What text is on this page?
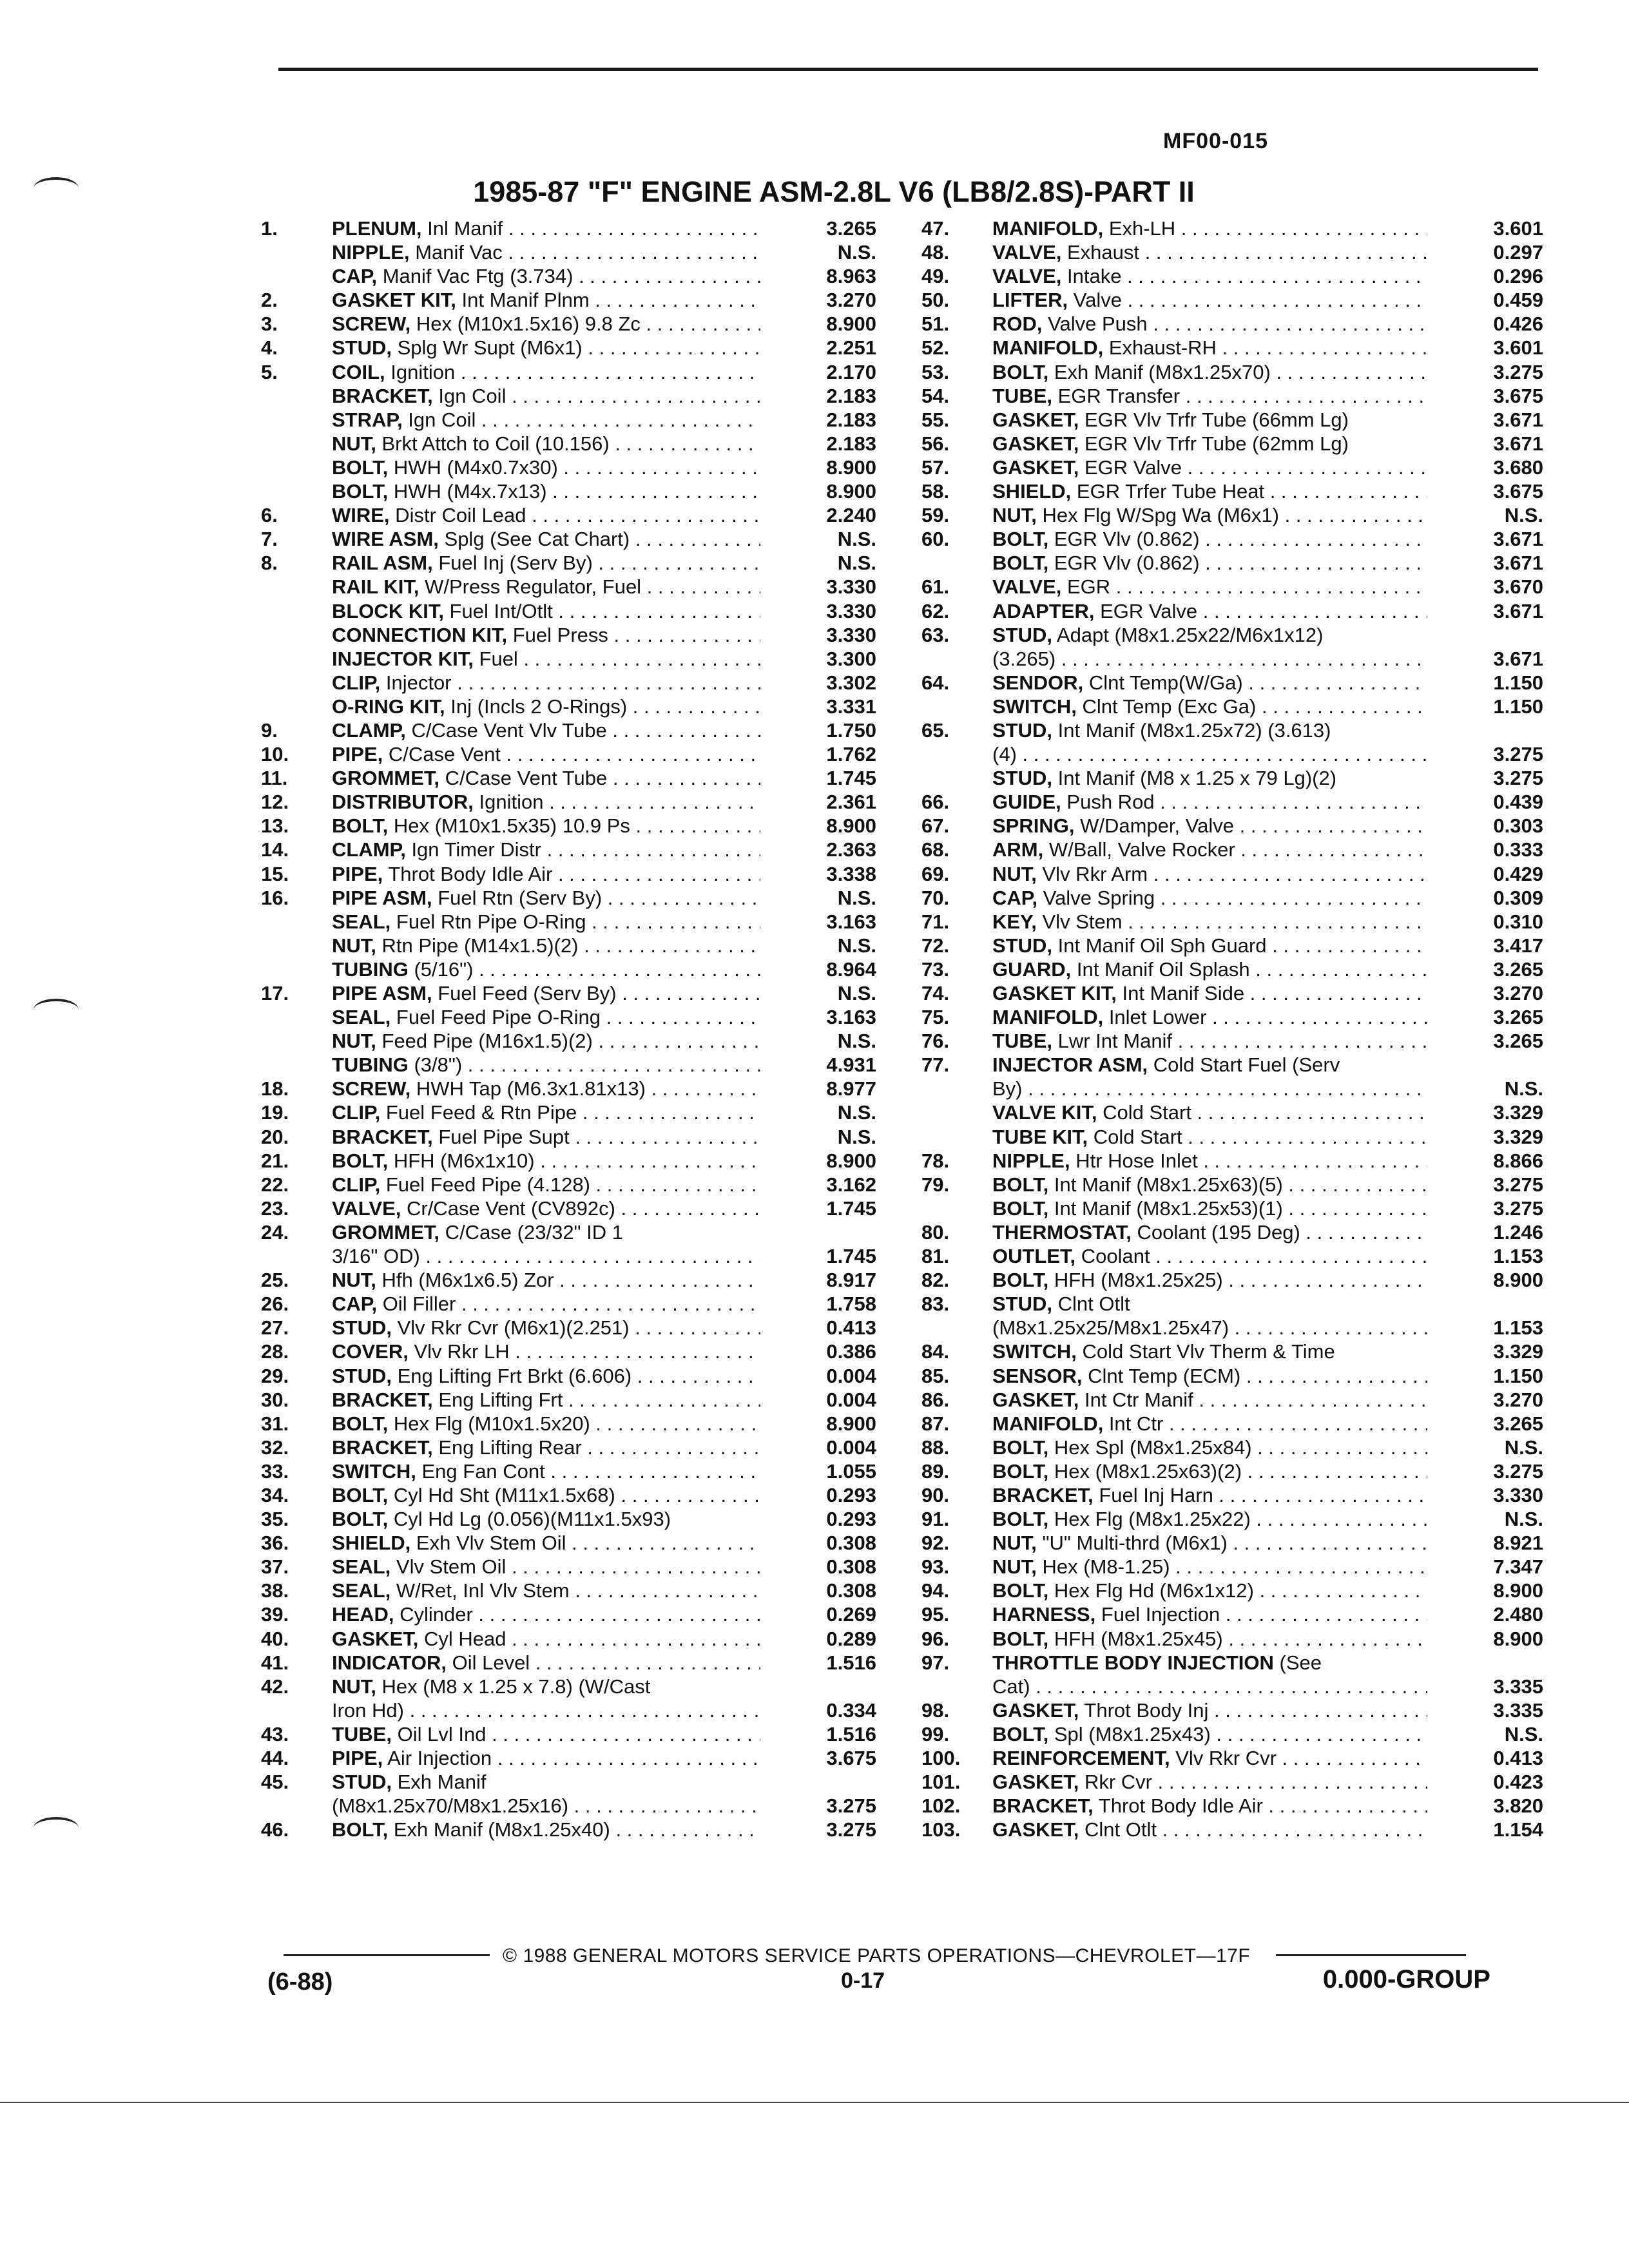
MF00-015
1985-87 "F" ENGINE ASM-2.8L V6 (LB8/2.8S)-PART II
1.	PLENUM, Inl Manif . . .	3.265
NIPPLE, Manif Vac . . .	N.S.
CAP, Manif Vac Ftg (3.734) . . .	8.963
2.	GASKET KIT, Int Manif Plnm . . .	3.270
3.	SCREW, Hex (M10x1.5x16) 9.8 Zc . . .	8.900
4.	STUD, Splg Wr Supt (M6x1) . . .	2.251
5.	COIL, Ignition . . .	2.170
BRACKET, Ign Coil . . .	2.183
STRAP, Ign Coil . . .	2.183
NUT, Brkt Attch to Coil (10.156) . . .	2.183
BOLT, HWH (M4x0.7x30) . . .	8.900
BOLT, HWH (M4x.7x13) . . .	8.900
6.	WIRE, Distr Coil Lead . . .	2.240
7.	WIRE ASM, Splg (See Cat Chart) . . .	N.S.
8.	RAIL ASM, Fuel Inj (Serv By) . . .	N.S.
RAIL KIT, W/Press Regulator, Fuel . . .	3.330
BLOCK KIT, Fuel Int/Otlt . . .	3.330
CONNECTION KIT, Fuel Press . . .	3.330
INJECTOR KIT, Fuel . . .	3.300
CLIP, Injector . . .	3.302
O-RING KIT, Inj (Incls 2 O-Rings) . . .	3.331
9.	CLAMP, C/Case Vent Vlv Tube . . .	1.750
10.	PIPE, C/Case Vent . . .	1.762
11.	GROMMET, C/Case Vent Tube . . .	1.745
12.	DISTRIBUTOR, Ignition . . .	2.361
13.	BOLT, Hex (M10x1.5x35) 10.9 Ps . . .	8.900
14.	CLAMP, Ign Timer Distr . . .	2.363
15.	PIPE, Throt Body Idle Air . . .	3.338
16.	PIPE ASM, Fuel Rtn (Serv By) . . .	N.S.
SEAL, Fuel Rtn Pipe O-Ring . . .	3.163
NUT, Rtn Pipe (M14x1.5)(2) . . .	N.S.
TUBING (5/16") . . .	8.964
17.	PIPE ASM, Fuel Feed (Serv By) . . .	N.S.
SEAL, Fuel Feed Pipe O-Ring . . .	3.163
NUT, Feed Pipe (M16x1.5)(2) . . .	N.S.
TUBING (3/8") . . .	4.931
18.	SCREW, HWH Tap (M6.3x1.81x13) . . .	8.977
19.	CLIP, Fuel Feed & Rtn Pipe . . .	N.S.
20.	BRACKET, Fuel Pipe Supt . . .	N.S.
21.	BOLT, HFH (M6x1x10) . . .	8.900
22.	CLIP, Fuel Feed Pipe (4.128) . . .	3.162
23.	VALVE, Cr/Case Vent (CV892c) . . .	1.745
24.	GROMMET, C/Case (23/32" ID 1
3/16" OD) . . .	1.745
25.	NUT, Hfh (M6x1x6.5) Zor . . .	8.917
26.	CAP, Oil Filler . . .	1.758
27.	STUD, Vlv Rkr Cvr (M6x1)(2.251) . . .	0.413
28.	COVER, Vlv Rkr LH . . .	0.386
29.	STUD, Eng Lifting Frt Brkt (6.606) . . .	0.004
30.	BRACKET, Eng Lifting Frt . . .	0.004
31.	BOLT, Hex Flg (M10x1.5x20) . . .	8.900
32.	BRACKET, Eng Lifting Rear . . .	0.004
33.	SWITCH, Eng Fan Cont . . .	1.055
34.	BOLT, Cyl Hd Sht (M11x1.5x68) . . .	0.293
35.	BOLT, Cyl Hd Lg (0.056)(M11x1.5x93)	0.293
36.	SHIELD, Exh Vlv Stem Oil . . .	0.308
37.	SEAL, Vlv Stem Oil . . .	0.308
38.	SEAL, W/Ret, Inl Vlv Stem . . .	0.308
39.	HEAD, Cylinder . . .	0.269
40.	GASKET, Cyl Head . . .	0.289
41.	INDICATOR, Oil Level . . .	1.516
42.	NUT, Hex (M8 x 1.25 x 7.8) (W/Cast
Iron Hd) . . .	0.334
43.	TUBE, Oil Lvl Ind . . .	1.516
44.	PIPE, Air Injection . . .	3.675
45.	STUD, Exh Manif
(M8x1.25x70/M8x1.25x16) . . .	3.275
46.	BOLT, Exh Manif (M8x1.25x40) . . .	3.275
47.	MANIFOLD, Exh-LH . . .	3.601
48.	VALVE, Exhaust . . .	0.297
49.	VALVE, Intake . . .	0.296
50.	LIFTER, Valve . . .	0.459
51.	ROD, Valve Push . . .	0.426
52.	MANIFOLD, Exhaust-RH . . .	3.601
53.	BOLT, Exh Manif (M8x1.25x70) . . .	3.275
54.	TUBE, EGR Transfer . . .	3.675
55.	GASKET, EGR Vlv Trfr Tube (66mm Lg)	3.671
56.	GASKET, EGR Vlv Trfr Tube (62mm Lg)	3.671
57.	GASKET, EGR Valve . . .	3.680
58.	SHIELD, EGR Trfer Tube Heat . . .	3.675
59.	NUT, Hex Flg W/Spg Wa (M6x1) . . .	N.S.
60.	BOLT, EGR Vlv (0.862) . . .	3.671
BOLT, EGR Vlv (0.862) . . .	3.671
61.	VALVE, EGR . . .	3.670
62.	ADAPTER, EGR Valve . . .	3.671
63.	STUD, Adapt (M8x1.25x22/M6x1x12)
(3.265) . . .	3.671
64.	SENDOR, Clnt Temp(W/Ga) . . .	1.150
SWITCH, Clnt Temp (Exc Ga) . . .	1.150
65.	STUD, Int Manif (M8x1.25x72) (3.613)
(4) . . .	3.275
STUD, Int Manif (M8 x 1.25 x 79 Lg)(2)	3.275
66.	GUIDE, Push Rod . . .	0.439
67.	SPRING, W/Damper, Valve . . .	0.303
68.	ARM, W/Ball, Valve Rocker . . .	0.333
69.	NUT, Vlv Rkr Arm . . .	0.429
70.	CAP, Valve Spring . . .	0.309
71.	KEY, Vlv Stem . . .	0.310
72.	STUD, Int Manif Oil Sph Guard . . .	3.417
73.	GUARD, Int Manif Oil Splash . . .	3.265
74.	GASKET KIT, Int Manif Side . . .	3.270
75.	MANIFOLD, Inlet Lower . . .	3.265
76.	TUBE, Lwr Int Manif . . .	3.265
77.	INJECTOR ASM, Cold Start Fuel (Serv
By) . . .	N.S.
VALVE KIT, Cold Start . . .	3.329
TUBE KIT, Cold Start . . .	3.329
78.	NIPPLE, Htr Hose Inlet . . .	8.866
79.	BOLT, Int Manif (M8x1.25x63)(5) . . .	3.275
BOLT, Int Manif (M8x1.25x53)(1) . . .	3.275
80.	THERMOSTAT, Coolant (195 Deg) . . .	1.246
81.	OUTLET, Coolant . . .	1.153
82.	BOLT, HFH (M8x1.25x25) . . .	8.900
83.	STUD, Clnt Otlt
(M8x1.25x25/M8x1.25x47) . . .	1.153
84.	SWITCH, Cold Start Vlv Therm & Time	3.329
85.	SENSOR, Clnt Temp (ECM) . . .	1.150
86.	GASKET, Int Ctr Manif . . .	3.270
87.	MANIFOLD, Int Ctr . . .	3.265
88.	BOLT, Hex Spl (M8x1.25x84) . . .	N.S.
89.	BOLT, Hex (M8x1.25x63)(2) . . .	3.275
90.	BRACKET, Fuel Inj Harn . . .	3.330
91.	BOLT, Hex Flg (M8x1.25x22) . . .	N.S.
92.	NUT, "U" Multi-thrd (M6x1) . . .	8.921
93.	NUT, Hex (M8-1.25) . . .	7.347
94.	BOLT, Hex Flg Hd (M6x1x12) . . .	8.900
95.	HARNESS, Fuel Injection . . .	2.480
96.	BOLT, HFH (M8x1.25x45) . . .	8.900
97.	THROTTLE BODY INJECTION (See
Cat) . . .	3.335
98.	GASKET, Throt Body Inj . . .	3.335
99.	BOLT, Spl (M8x1.25x43) . . .	N.S.
100.	REINFORCEMENT, Vlv Rkr Cvr . . .	0.413
101.	GASKET, Rkr Cvr . . .	0.423
102.	BRACKET, Throt Body Idle Air . . .	3.820
103.	GASKET, Clnt Otlt . . .	1.154
© 1988 GENERAL MOTORS SERVICE PARTS OPERATIONS—CHEVROLET—17F
(6-88)	0-17	0.000-GROUP
